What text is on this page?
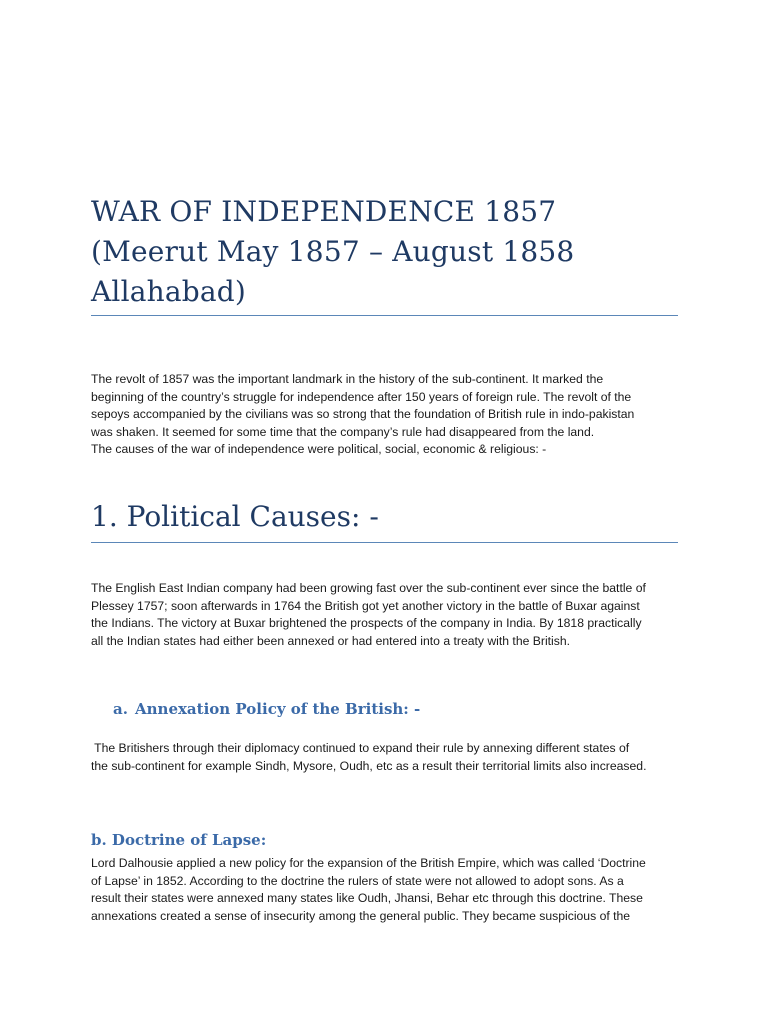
WAR OF INDEPENDENCE 1857
(Meerut May 1857 – August 1858
Allahabad)

The revolt of 1857 was the important landmark in the history of the sub-continent. It marked the

beginning of the country’s struggle for independence after 150 years of foreign rule. The revolt of the

sepoys accompanied by the civilians was so strong that the foundation of British rule in indo-pakistan

was shaken. It seemed for some time that the company’s rule had disappeared from the land.

The causes of the war of independence were political, social, economic & religious: -

1. Political Causes: -

The English East Indian company had been growing fast over the sub-continent ever since the battle of

Plessey 1757; soon afterwards in 1764 the British got yet another victory in the battle of Buxar against

the Indians. The victory at Buxar brightened the prospects of the company in India. By 1818 practically

all the Indian states had either been annexed or had entered into a treaty with the British.

a. Annexation Policy of the British: -

The Britishers through their diplomacy continued to expand their rule by annexing different states of

the sub-continent for example Sindh, Mysore, Oudh, etc as a result their territorial limits also increased.

b. Doctrine of Lapse:

Lord Dalhousie applied a new policy for the expansion of the British Empire, which was called ‘Doctrine

of Lapse’ in 1852. According to the doctrine the rulers of state were not allowed to adopt sons. As a

result their states were annexed many states like Oudh, Jhansi, Behar etc through this doctrine. These

annexations created a sense of insecurity among the general public. They became suspicious of the
